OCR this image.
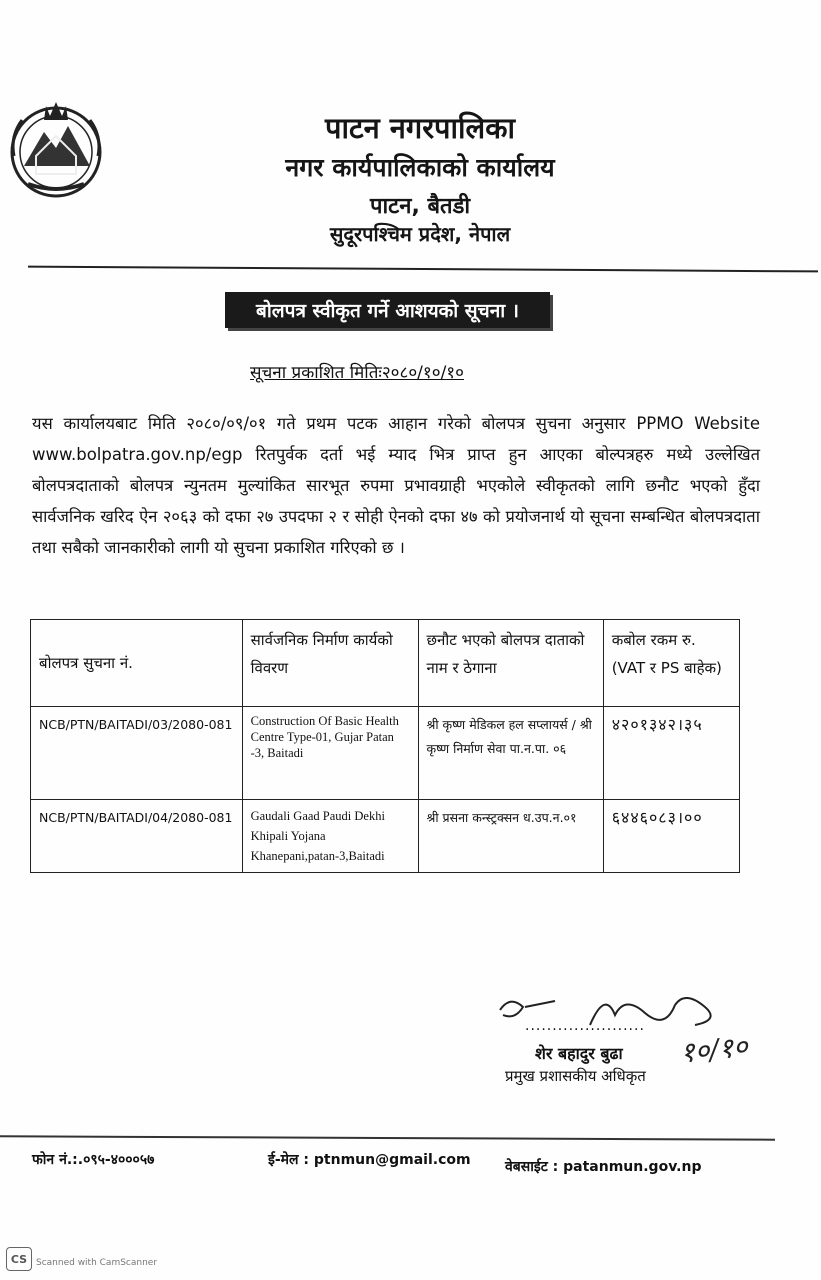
पाटन नगरपालिका
नगर कार्यपालिकाको कार्यालय
पाटन, बैतडी
सुदूरपश्चिम प्रदेश, नेपाल
बोलपत्र स्वीकृत गर्ने आशयको सूचना ।
सूचना प्रकाशित मितिः२०८०/१०/१०
यस कार्यालयबाट मिति २०८०/०९/०१ गते प्रथम पटक आहान गरेको बोलपत्र सुचना अनुसार PPMO Website www.bolpatra.gov.np/egp रितपुर्वक दर्ता भई म्याद भित्र प्राप्त हुन आएका बोल्पत्रहरु मध्ये उल्लेखित बोलपत्रदाताको बोलपत्र न्युनतम मुल्यांकित सारभूत रुपमा प्रभावग्राही भएकोले स्वीकृतको लागि छनौट भएको हुँदा सार्वजनिक खरिद ऐन २०६३ को दफा २७ उपदफा २ र सोही ऐनको दफा ४७ को प्रयोजनार्थ यो सूचना सम्बन्धित बोलपत्रदाता तथा सबैको जानकारीको लागी यो सुचना प्रकाशित गरिएको छ ।
बोलपत्र सुचना नं.	सार्वजनिक निर्माण कार्यको विवरण	छनौट भएको बोलपत्र दाताको नाम र ठेगाना	कबोल रकम रु. (VAT र PS बाहेक)
NCB/PTN/BAITADI/03/2080-081	Construction Of Basic Health Centre Type-01, Gujar Patan -3, Baitadi	श्री कृष्ण मेडिकल हल सप्लायर्स / श्री कृष्ण निर्माण सेवा पा.न.पा. ०६	४२०१३४२।३५
NCB/PTN/BAITADI/04/2080-081	Gaudali Gaad Paudi Dekhi Khipali Yojana Khanepani,patan-3,Baitadi	श्री प्रसना कन्स्ट्रक्सन ध.उप.न.०१	६४४६०८३।००
......................
शेर बहादुर बुढा
प्रमुख प्रशासकीय अधिकृत
१०/१०
फोन नं.:.०९५-४०००५७	ई-मेल : ptnmun@gmail.com वेबसाईट : patanmun.gov.np
CS Scanned with CamScanner
